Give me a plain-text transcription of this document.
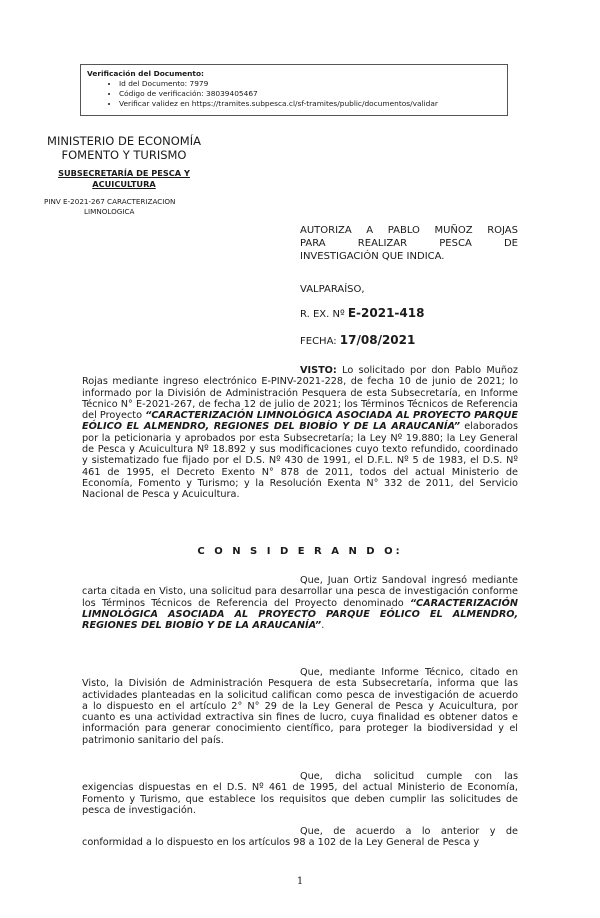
Verificación del Documento:
• Id del Documento: 7979
• Código de verificación: 38039405467
• Verificar validez en https://tramites.subpesca.cl/sf-tramites/public/documentos/validar
MINISTERIO DE ECONOMÍA
FOMENTO Y TURISMO
SUBSECRETARÍA DE PESCA Y
ACUICULTURA
PINV E-2021-267 CARACTERIZACION
LIMNOLOGICA
AUTORIZA A PABLO MUÑOZ ROJAS
PARA REALIZAR PESCA DE
INVESTIGACIÓN QUE INDICA.
VALPARAÍSO,
R. EX. Nº E-2021-418
FECHA: 17/08/2021

VISTO: Lo solicitado por don Pablo Muñoz Rojas mediante ingreso electrónico E-PINV-2021-228, de fecha 10 de junio de 2021; lo informado por la División de Administración Pesquera de esta Subsecretaría, en Informe Técnico N° E-2021-267, de fecha 12 de julio de 2021; los Términos Técnicos de Referencia del Proyecto “CARACTERIZACIÓN LIMNOLÓGICA ASOCIADA AL PROYECTO PARQUE EÓLICO EL ALMENDRO, REGIONES DEL BIOBÍO Y DE LA ARAUCANÍA” elaborados por la peticionaria y aprobados por esta Subsecretaría; la Ley Nº 19.880; la Ley General de Pesca y Acuicultura Nº 18.892 y sus modificaciones cuyo texto refundido, coordinado y sistematizado fue fijado por el D.S. Nº 430 de 1991, el D.F.L. Nº 5 de 1983, el D.S. Nº 461 de 1995, el Decreto Exento N° 878 de 2011, todos del actual Ministerio de Economía, Fomento y Turismo; y la Resolución Exenta N° 332 de 2011, del Servicio Nacional de Pesca y Acuicultura.

C O N S I D E R A N D O:

Que, Juan Ortiz Sandoval ingresó mediante carta citada en Visto, una solicitud para desarrollar una pesca de investigación conforme los Términos Técnicos de Referencia del Proyecto denominado “CARACTERIZACIÓN LIMNOLÓGICA ASOCIADA AL PROYECTO PARQUE EÓLICO EL ALMENDRO, REGIONES DEL BIOBÍO Y DE LA ARAUCANÍA”.

Que, mediante Informe Técnico, citado en Visto, la División de Administración Pesquera de esta Subsecretaría, informa que las actividades planteadas en la solicitud califican como pesca de investigación de acuerdo a lo dispuesto en el artículo 2° N° 29 de la Ley General de Pesca y Acuicultura, por cuanto es una actividad extractiva sin fines de lucro, cuya finalidad es obtener datos e información para generar conocimiento científico, para proteger la biodiversidad y el patrimonio sanitario del país.

Que, dicha solicitud cumple con las exigencias dispuestas en el D.S. Nº 461 de 1995, del actual Ministerio de Economía, Fomento y Turismo, que establece los requisitos que deben cumplir las solicitudes de pesca de investigación.

Que, de acuerdo a lo anterior y de conformidad a lo dispuesto en los artículos 98 a 102 de la Ley General de Pesca y

1
